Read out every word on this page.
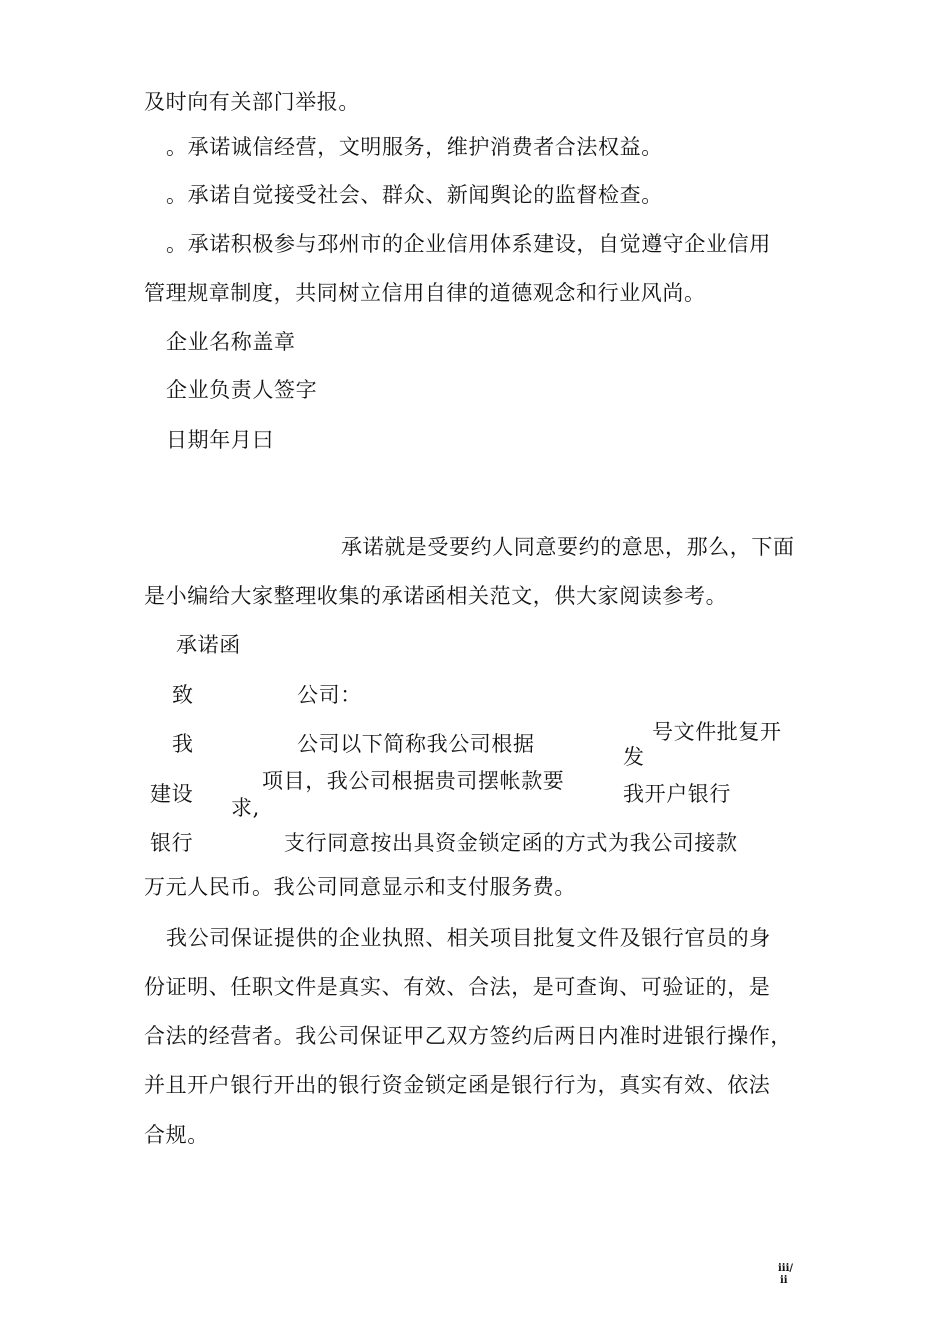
及时向有关部门举报。
。承诺诚信经营，文明服务，维护消费者合法权益。
。承诺自觉接受社会、群众、新闻舆论的监督检查。
。承诺积极参与邳州市的企业信用体系建设，自觉遵守企业信用
管理规章制度，共同树立信用自律的道德观念和行业风尚。
企业名称盖章
企业负责人签字
日期年月曰
承诺就是受要约人同意要约的意思，那么，下面
是小编给大家整理收集的承诺函相关范文，供大家阅读参考。
承诺函
致	公司：
我	公司以下简称我公司根据	号文件批复开
发
建设
项目，我公司根据贵司摆帐款要
求,
我开户银行
银行	支行同意按出具资金锁定函的方式为我公司接款
万元人民币。我公司同意显示和支付服务费。
我公司保证提供的企业执照、相关项目批复文件及银行官员的身
份证明、任职文件是真实、有效、合法，是可查询、可验证的，是
合法的经营者。我公司保证甲乙双方签约后两日内准时进银行操作，
并且开户银行开出的银行资金锁定函是银行行为，真实有效、依法
合规。
iii/
ii
